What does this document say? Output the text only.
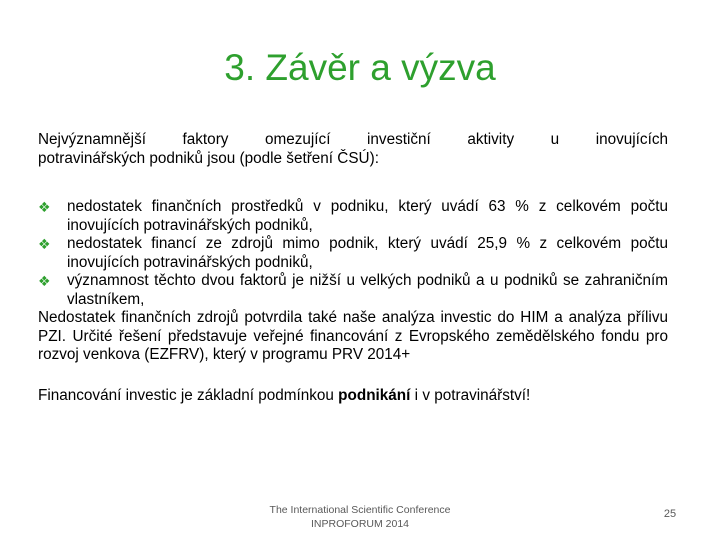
3. Závěr a výzva

Nejvýznamnější faktory omezující investiční aktivity u inovujících
potravinářských podniků jsou (podle šetření ČSÚ):

❖ nedostatek finančních prostředků v podniku, který uvádí 63 % z celkovém počtu inovujících potravinářských podniků,
❖ nedostatek financí ze zdrojů mimo podnik, který uvádí 25,9 % z celkovém počtu inovujících potravinářských podniků,
❖ významnost těchto dvou faktorů je nižší u velkých podniků a u podniků se zahraničním vlastníkem,

Nedostatek finančních zdrojů potvrdila také naše analýza investic do HIM a analýza přílivu PZI. Určité řešení představuje veřejné financování z Evropského zemědělského fondu pro rozvoj venkova (EZFRV), který v programu PRV 2014+

Financování investic je základní podmínkou podnikání i v potravinářství!

The International Scientific Conference
INPROFORUM 2014
25
